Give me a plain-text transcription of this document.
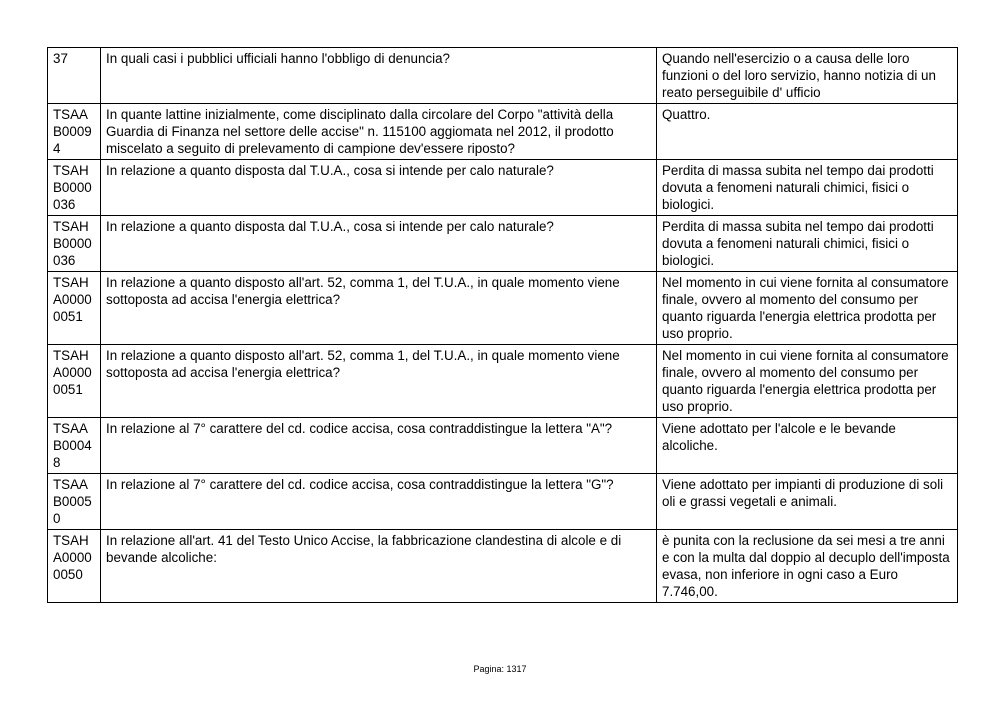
37	In quali casi i pubblici ufficiali hanno l'obbligo di denuncia?	Quando nell'esercizio o a causa delle loro funzioni o del loro servizio, hanno notizia di un reato perseguibile d' ufficio
TSAA B0009 4	In quante lattine inizialmente, come disciplinato dalla circolare del Corpo "attività della Guardia di Finanza nel settore delle accise" n. 115100 aggiomata nel 2012, il prodotto miscelato a seguito di prelevamento di campione dev'essere riposto?	Quattro.
TSAH B0000 036	In relazione a quanto disposta dal T.U.A., cosa si intende per calo naturale?	Perdita di massa subita nel tempo dai prodotti dovuta a fenomeni naturali chimici, fisici o biologici.
TSAH B0000 036	In relazione a quanto disposta dal T.U.A., cosa si intende per calo naturale?	Perdita di massa subita nel tempo dai prodotti dovuta a fenomeni naturali chimici, fisici o biologici.
TSAH A0000 0051	In relazione a quanto disposto all'art. 52, comma 1, del T.U.A., in quale momento viene sottoposta ad accisa l'energia elettrica?	Nel momento in cui viene fornita al consumatore finale, ovvero al momento del consumo per quanto riguarda l'energia elettrica prodotta per uso proprio.
TSAH A0000 0051	In relazione a quanto disposto all'art. 52, comma 1, del T.U.A., in quale momento viene sottoposta ad accisa l'energia elettrica?	Nel momento in cui viene fornita al consumatore finale, ovvero al momento del consumo per quanto riguarda l'energia elettrica prodotta per uso proprio.
TSAA B0004 8	In relazione al 7° carattere del cd. codice accisa, cosa contraddistingue la lettera "A"?	Viene adottato per l'alcole e le bevande alcoliche.
TSAA B0005 0	In relazione al 7° carattere del cd. codice accisa, cosa contraddistingue la lettera "G"?	Viene adottato per impianti di produzione di soli oli e grassi vegetali e animali.
TSAH A0000 0050	In relazione all'art. 41 del Testo Unico Accise, la fabbricazione clandestina di alcole e di bevande alcoliche:	è punita con la reclusione da sei mesi a tre anni e con la multa dal doppio al decuplo dell'imposta evasa, non inferiore in ogni caso a Euro 7.746,00.
Pagina: 1317
